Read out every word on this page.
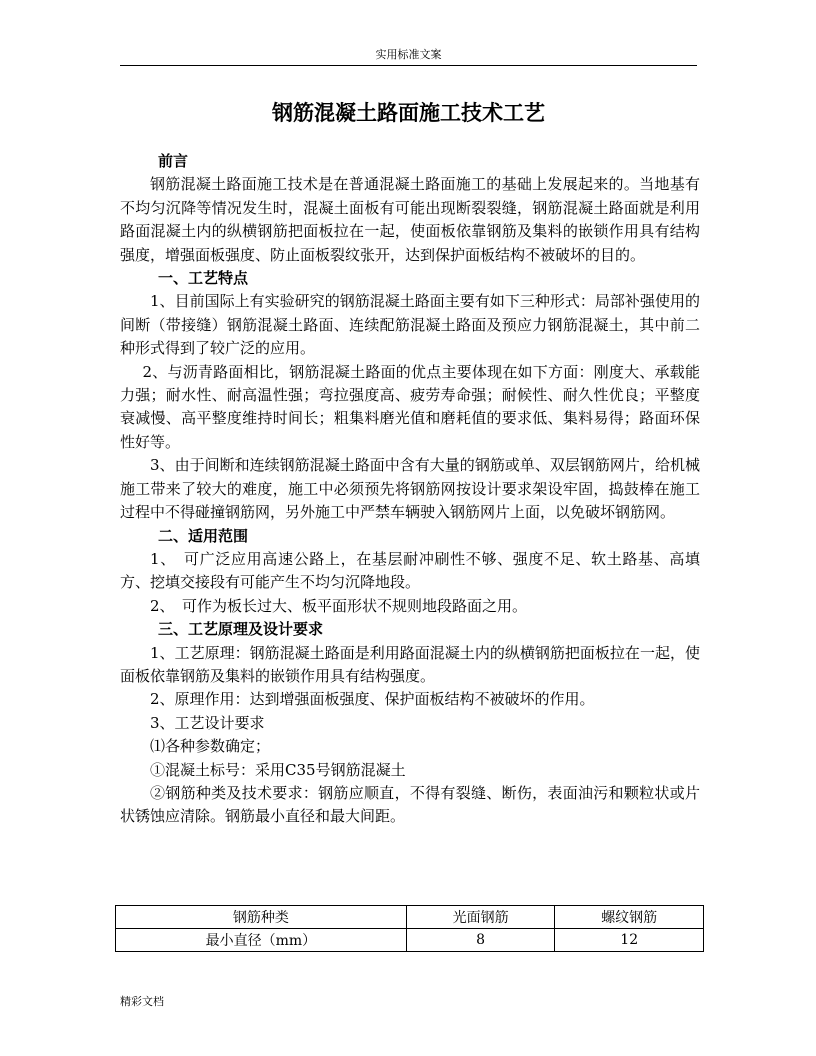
实用标准文案
钢筋混凝土路面施工技术工艺

前言

钢筋混凝土路面施工技术是在普通混凝土路面施工的基础上发展起来的。当地基有不均匀沉降等情况发生时，混凝土面板有可能出现断裂裂缝，钢筋混凝土路面就是利用路面混凝土内的纵横钢筋把面板拉在一起，使面板依靠钢筋及集料的嵌锁作用具有结构强度，增强面板强度、防止面板裂纹张开，达到保护面板结构不被破坏的目的。

一、工艺特点

1、目前国际上有实验研究的钢筋混凝土路面主要有如下三种形式：局部补强使用的间断（带接缝）钢筋混凝土路面、连续配筋混凝土路面及预应力钢筋混凝土，其中前二种形式得到了较广泛的应用。

2、与沥青路面相比，钢筋混凝土路面的优点主要体现在如下方面：刚度大、承载能力强；耐水性、耐高温性强；弯拉强度高、疲劳寿命强；耐候性、耐久性优良；平整度衰减慢、高平整度维持时间长；粗集料磨光值和磨耗值的要求低、集料易得；路面环保性好等。

3、由于间断和连续钢筋混凝土路面中含有大量的钢筋或单、双层钢筋网片，给机械施工带来了较大的难度，施工中必须预先将钢筋网按设计要求架设牢固，捣鼓棒在施工过程中不得碰撞钢筋网，另外施工中严禁车辆驶入钢筋网片上面，以免破坏钢筋网。

二、适用范围

1、　可广泛应用高速公路上，在基层耐冲刷性不够、强度不足、软土路基、高填方、挖填交接段有可能产生不均匀沉降地段。

2、　可作为板长过大、板平面形状不规则地段路面之用。

三、工艺原理及设计要求

1、工艺原理：钢筋混凝土路面是利用路面混凝土内的纵横钢筋把面板拉在一起，使面板依靠钢筋及集料的嵌锁作用具有结构强度。

2、原理作用：达到增强面板强度、保护面板结构不被破坏的作用。

3、工艺设计要求

⑴各种参数确定；

①混凝土标号：采用C35号钢筋混凝土

②钢筋种类及技术要求：钢筋应顺直，不得有裂缝、断伤，表面油污和颗粒状或片状锈蚀应清除。钢筋最小直径和最大间距。

钢筋种类	光面钢筋	螺纹钢筋
最小直径（mm）	8	12
精彩文档
